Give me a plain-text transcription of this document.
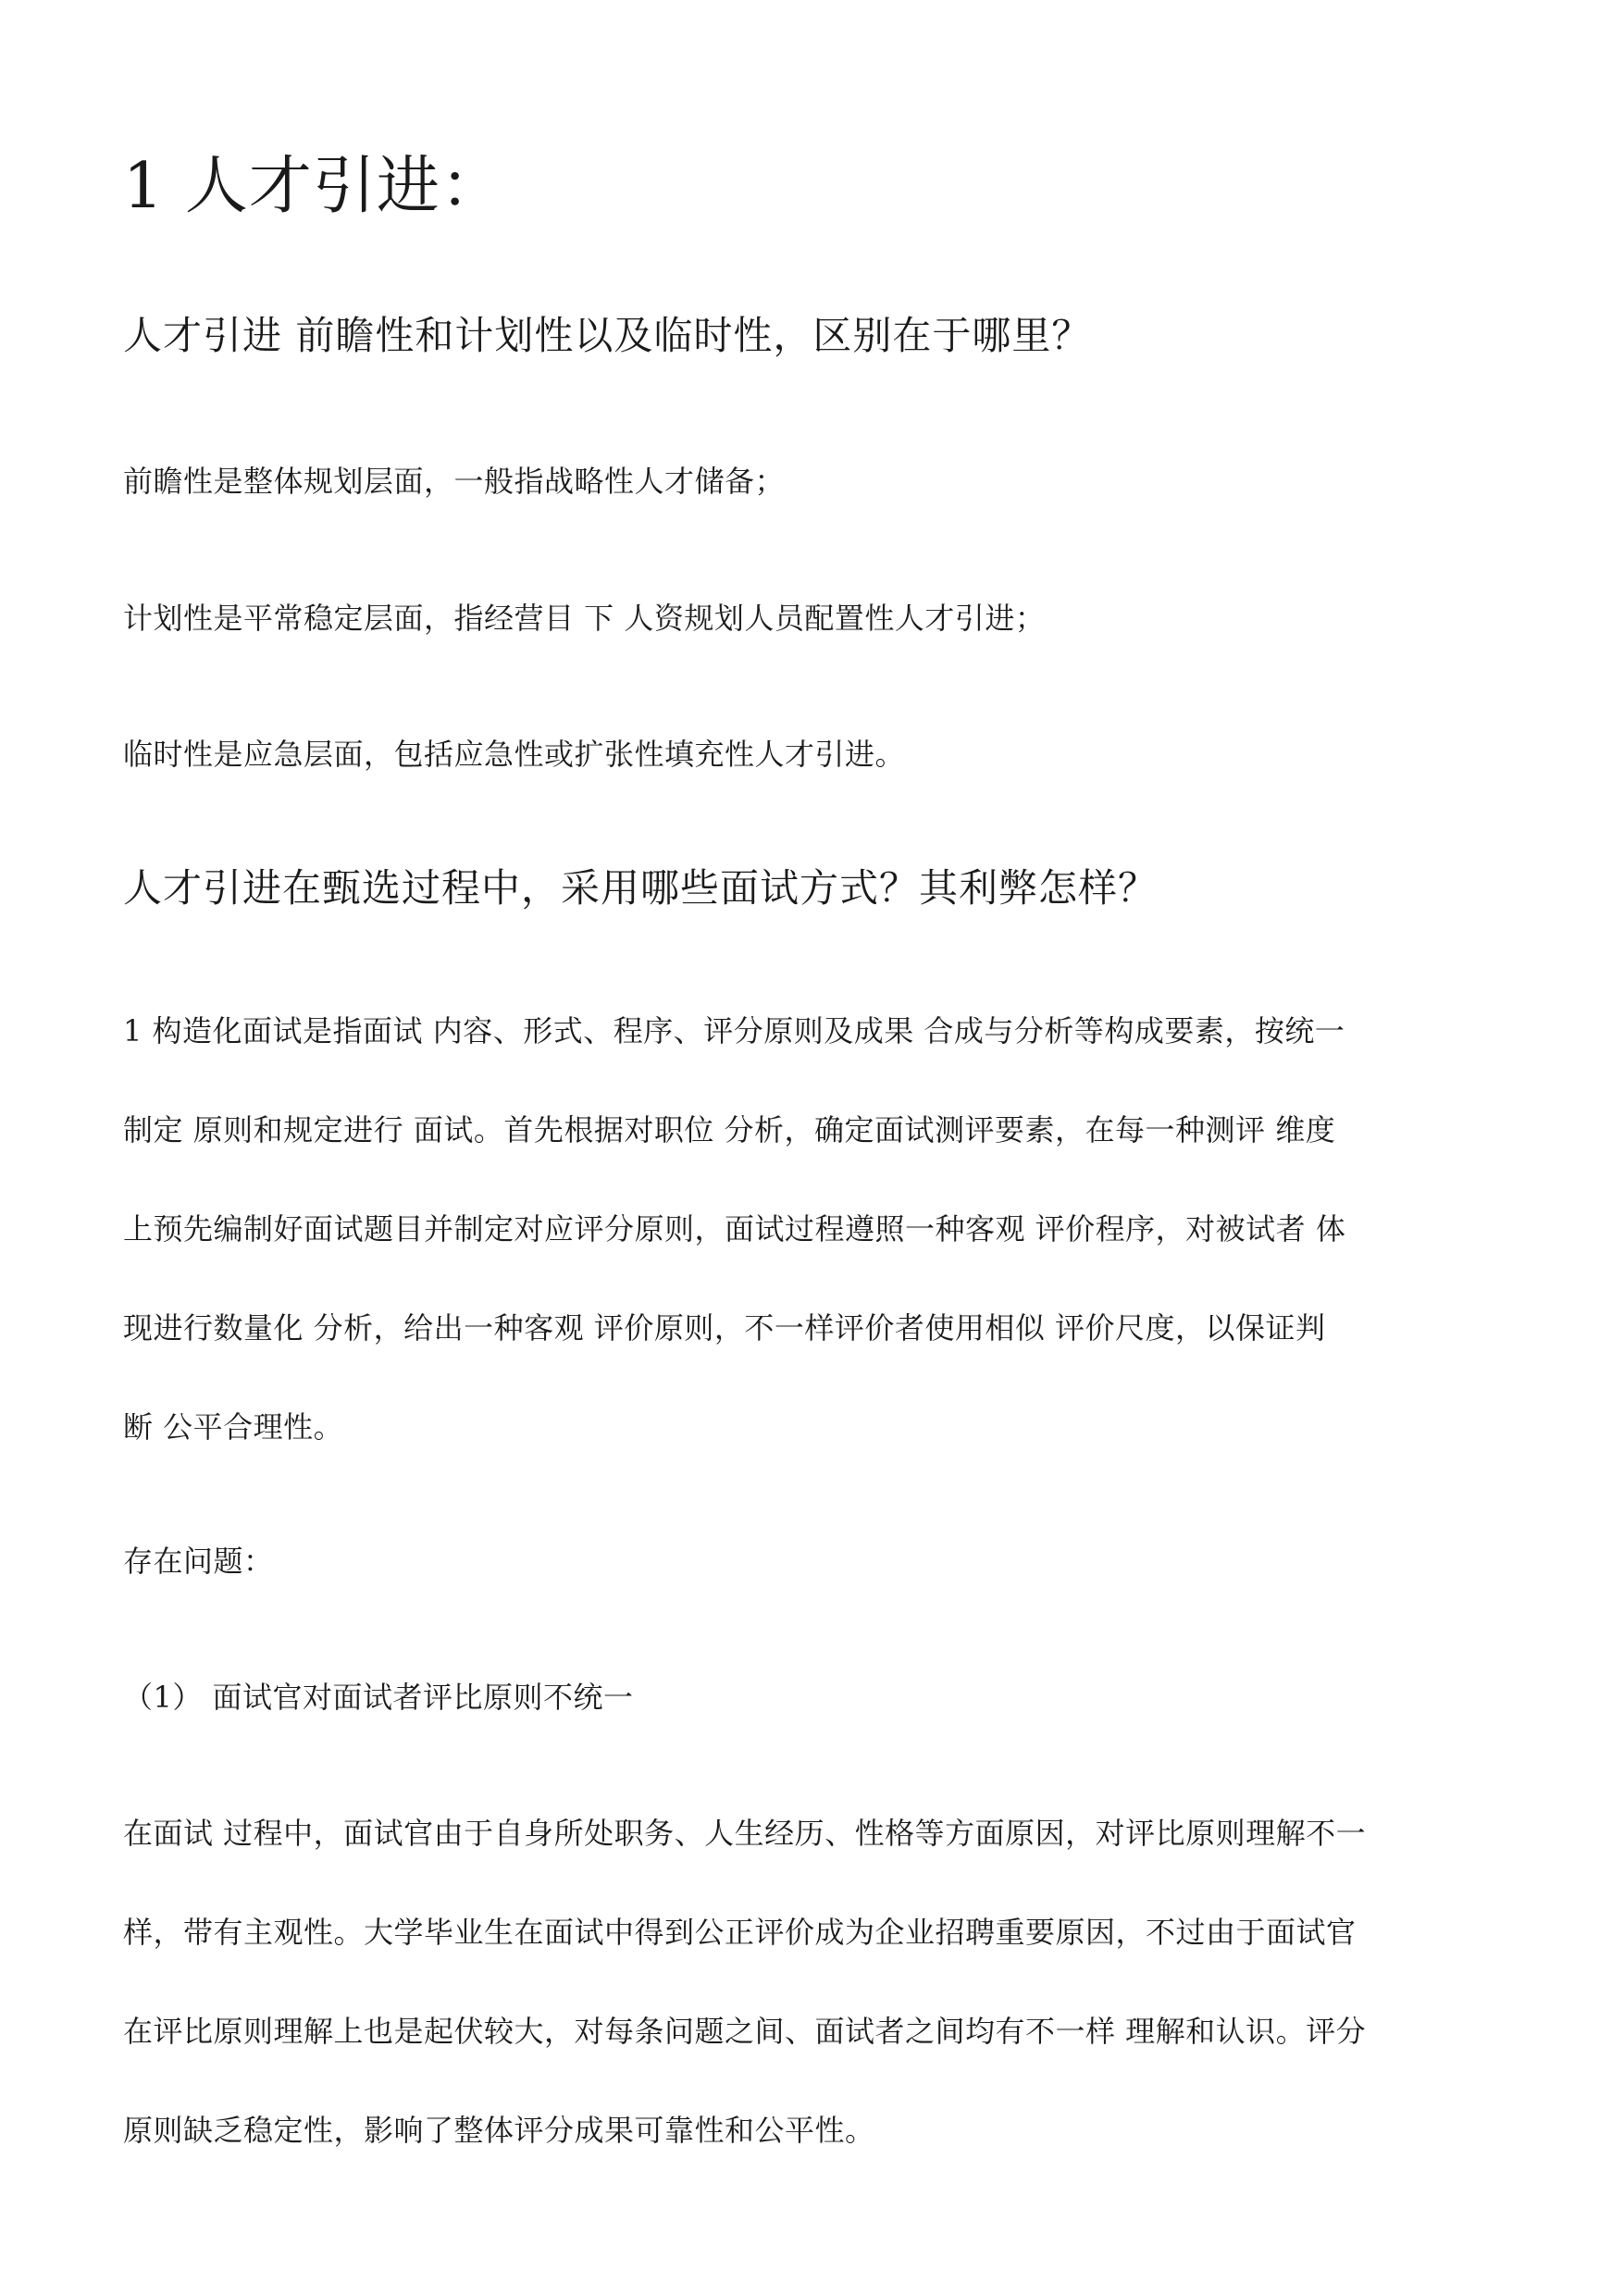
1 人才引进：
人才引进 前瞻性和计划性以及临时性，区别在于哪里？

前瞻性是整体规划层面，一般指战略性人才储备；

计划性是平常稳定层面，指经营目 下 人资规划人员配置性人才引进；

临时性是应急层面，包括应急性或扩张性填充性人才引进。

人才引进在甄选过程中，采用哪些面试方式？其利弊怎样？
1 构造化面试是指面试 内容、形式、程序、评分原则及成果 合成与分析等构成要素，按统一
制定 原则和规定进行 面试。首先根据对职位 分析，确定面试测评要素，在每一种测评 维度
上预先编制好面试题目并制定对应评分原则，面试过程遵照一种客观 评价程序，对被试者 体
现进行数量化 分析，给出一种客观 评价原则，不一样评价者使用相似 评价尺度，以保证判
断 公平合理性。

存在问题：

（1） 面试官对面试者评比原则不统一

在面试 过程中，面试官由于自身所处职务、人生经历、性格等方面原因，对评比原则理解不一
样，带有主观性。大学毕业生在面试中得到公正评价成为企业招聘重要原因，不过由于面试官
在评比原则理解上也是起伏较大，对每条问题之间、面试者之间均有不一样 理解和认识。评分
原则缺乏稳定性，影响了整体评分成果可靠性和公平性。
